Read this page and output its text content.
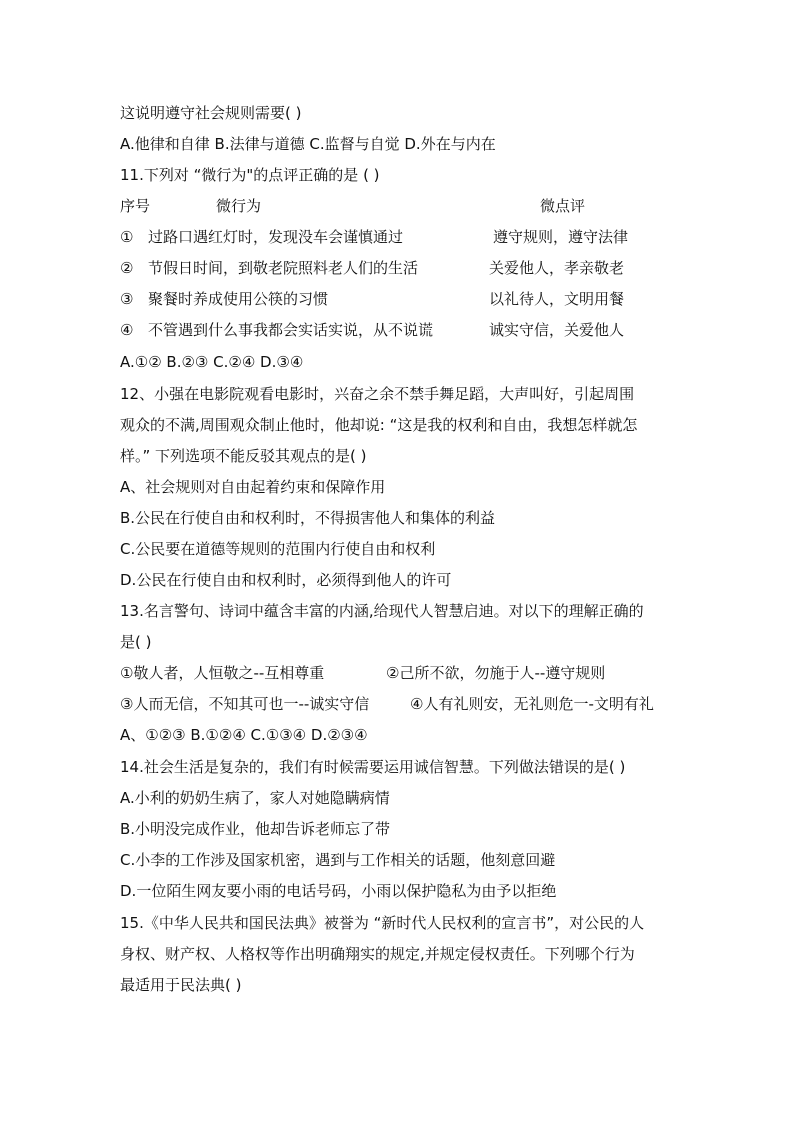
这说明遵守社会规则需要( )
A.他律和自律 B.法律与道德 C.监督与自觉 D.外在与内在
11.下列对 “微行为"的点评正确的是 ( )
序号	微行为	微点评
① 过路口遇红灯时，发现没车会谨慎通过	遵守规则，遵守法律
② 节假日时间，到敬老院照料老人们的生活	关爱他人，孝亲敬老
③ 聚餐时养成使用公筷的习惯	以礼待人，文明用餐
④ 不管遇到什么事我都会实话实说，从不说谎	诚实守信，关爱他人
A.①② B.②③ C.②④ D.③④
12、小强在电影院观看电影时，兴奋之余不禁手舞足蹈，大声叫好，引起周围
观众的不满,周围观众制止他时，他却说: “这是我的权利和自由，我想怎样就怎
样。” 下列选项不能反驳其观点的是( )
A、社会规则对自由起着约束和保障作用
B.公民在行使自由和权利时，不得损害他人和集体的利益
C.公民要在道德等规则的范围内行使自由和权利
D.公民在行使自由和权利时，必须得到他人的许可
13.名言警句、诗词中蕴含丰富的内涵,给现代人智慧启迪。对以下的理解正确的
是( )
①敬人者，人恒敬之--互相尊重	②己所不欲，勿施于人--遵守规则
③人而无信，不知其可也一--诚实守信	④人有礼则安，无礼则危一-文明有礼
A、①②③ B.①②④ C.①③④ D.②③④
14.社会生活是复杂的，我们有时候需要运用诚信智慧。下列做法错误的是( )
A.小利的奶奶生病了，家人对她隐瞒病情
B.小明没完成作业，他却告诉老师忘了带
C.小李的工作涉及国家机密，遇到与工作相关的话题，他刻意回避
D.一位陌生网友要小雨的电话号码，小雨以保护隐私为由予以拒绝
15.《中华人民共和国民法典》被誉为 “新时代人民权利的宣言书”，对公民的人
身权、财产权、人格权等作出明确翔实的规定,并规定侵权责任。下列哪个行为
最适用于民法典( )
